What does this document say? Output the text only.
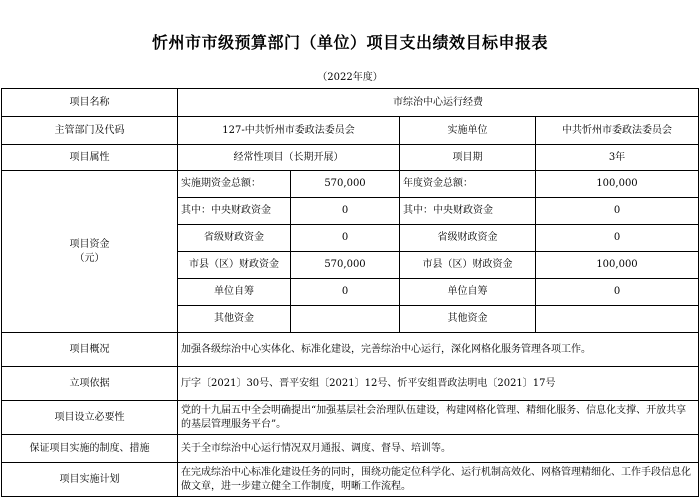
忻州市市级预算部门（单位）项目支出绩效目标申报表
（2022年度）
项目名称	市综治中心运行经费			
主管部门及代码	127-中共忻州市委政法委员会		实施单位	中共忻州市委政法委员会
项目属性	经常性项目（长期开展）		项目期	3年

项目资金
（元）	实施期资金总额：	570,000	年度资金总额：	100,000
	其中：中央财政资金	0	其中：中央财政资金	0
	省级财政资金	0	省级财政资金	0
	市县（区）财政资金	570,000	市县（区）财政资金	100,000
	单位自筹	0	单位自筹	0
	其他资金		其他资金	
项目概况	加强各级综治中心实体化、标准化建设，完善综治中心运行，深化网格化服务管理各项工作。			
立项依据	厅字〔2021〕30号、晋平安组〔2021〕12号、忻平安组晋政法明电〔2021〕17号			
项目设立必要性	党的十九届五中全会明确提出“加强基层社会治理队伍建设，构建网格化管理、精细化服务、信息化支撑、开放共享的基层管理服务平台”。			
保证项目实施的制度、措施	关于全市综治中心运行情况双月通报、调度、督导、培训等。			
项目实施计划	在完成综治中心标准化建设任务的同时，围绕功能定位科学化、运行机制高效化、网格管理精细化、工作手段信息化做文章，进一步建立健全工作制度，明晰工作流程。			
